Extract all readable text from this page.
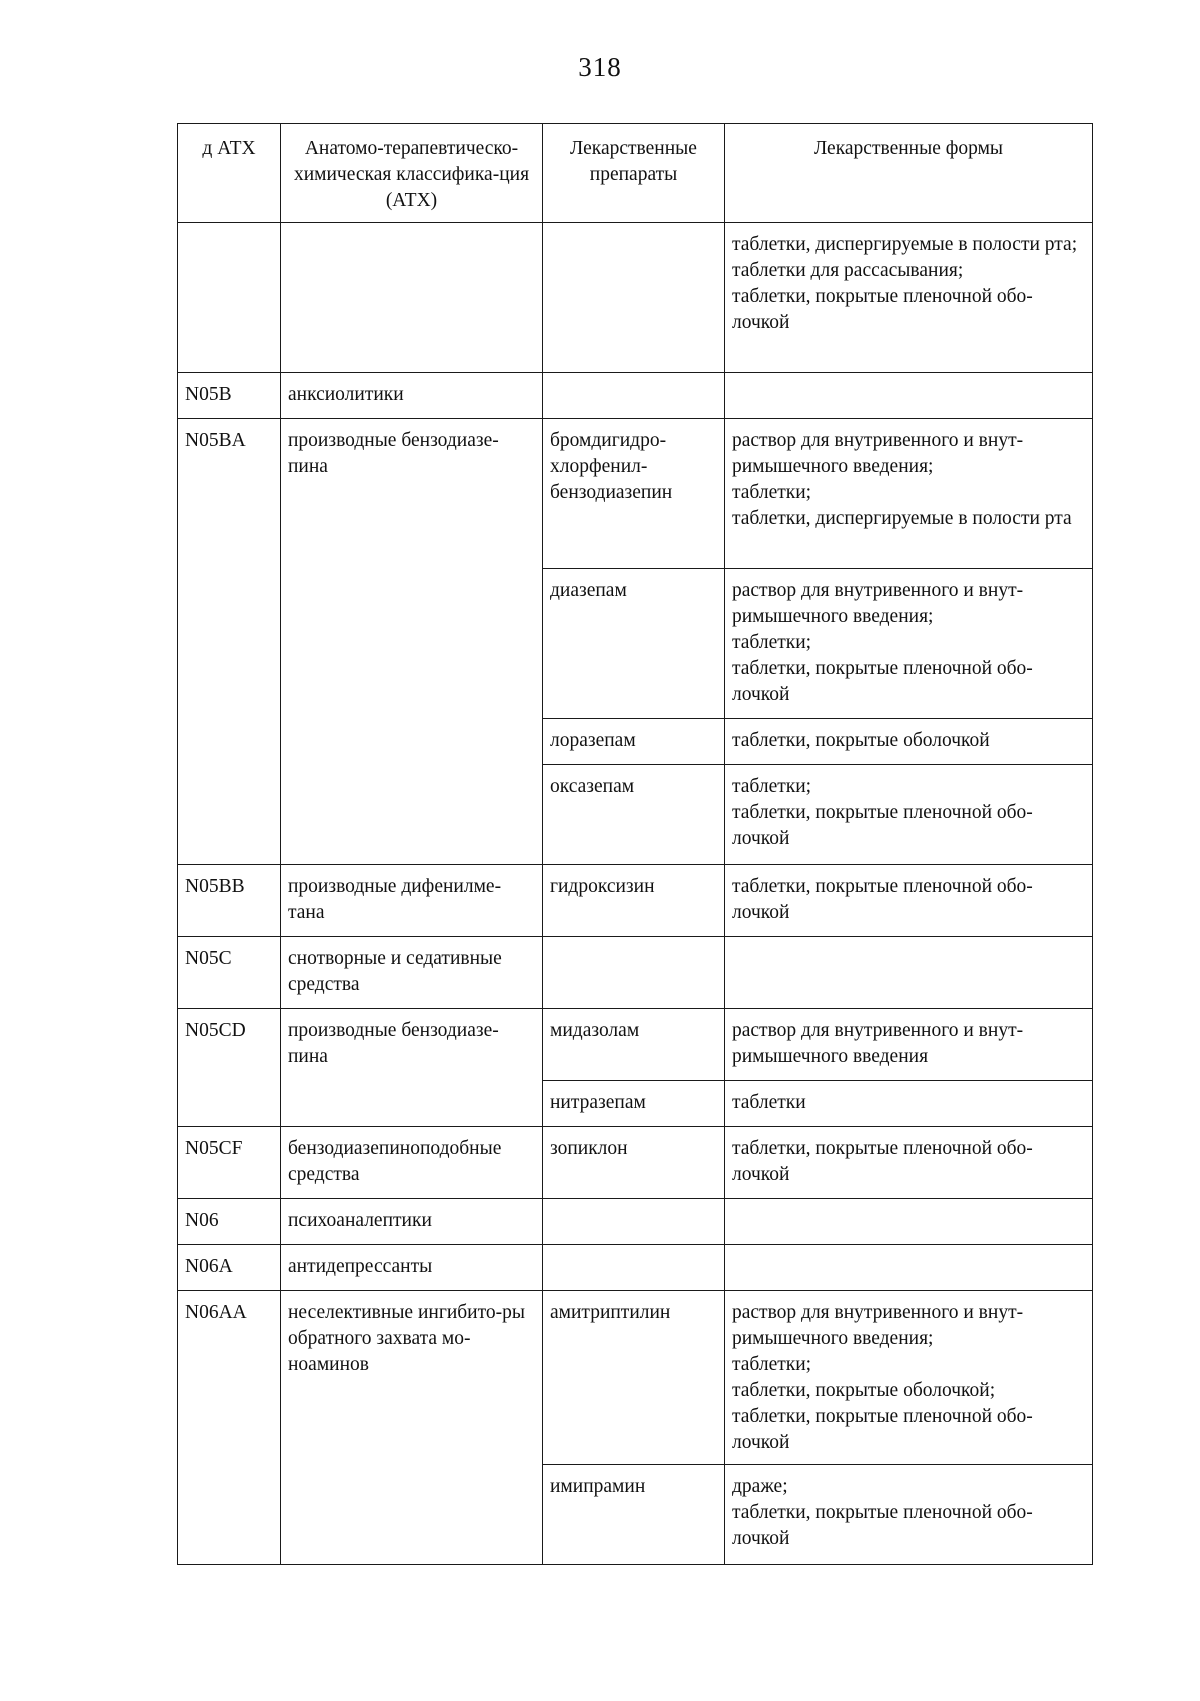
318
д АТХ	Анатомо-терапевтическо-химическая классифика-ция (АТХ)	Лекарственные препараты	Лекарственные формы

			таблетки, диспергируемые в полости рта;
таблетки для рассасывания;
таблетки, покрытые пленочной обо-лочкой

N05B	анксиолитики		
N05BA	производные бензодиазе-пина	бромдигидро-хлорфенил-бензодиазепин	раствор для внутривенного и внут-римышечного введения;
таблетки;
таблетки, диспергируемые в полости рта

		диазепам	раствор для внутривенного и внут-римышечного введения;
таблетки;
таблетки, покрытые пленочной обо-лочкой

		лоразепам	таблетки, покрытые оболочкой

		оксазепам	таблетки;
таблетки, покрытые пленочной обо-лочкой

N05BB	производные дифенилме-тана	гидроксизин	таблетки, покрытые пленочной обо-лочкой

N05C	снотворные и седативные средства		
N05CD	производные бензодиазе-пина	мидазолам	раствор для внутривенного и внут-римышечного введения

		нитразепам	таблетки

N05CF	бензодиазепиноподобные средства	зопиклон	таблетки, покрытые пленочной обо-лочкой

N06	психоаналептики		
N06A	антидепрессанты		
N06AA	неселективные ингибито-ры обратного захвата мо-ноаминов	амитриптилин	раствор для внутривенного и внут-римышечного введения;
таблетки;
таблетки, покрытые оболочкой;
таблетки, покрытые пленочной обо-лочкой

		имипрамин	драже;
таблетки, покрытые пленочной обо-лочкой
